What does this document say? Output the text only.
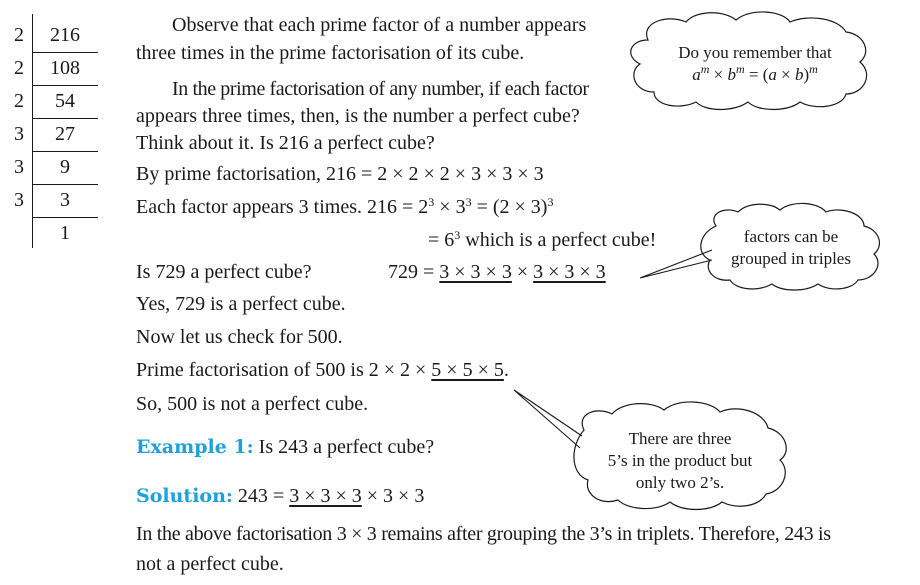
2
2
2
3
3
3
216
108
54
27
9
3
1
Observe that each prime factor of a number appears
three times in the prime factorisation of its cube.
In the prime factorisation of any number, if each factor
appears three times, then, is the number a perfect cube?
Think about it. Is 216 a perfect cube?
Do you remember that
$a^m \times b^m = (a \times b)^m$
By prime factorisation, 216 = 2 × 2 × 2 × 3 × 3 × 3
Each factor appears 3 times. $216 = 2^3 \times 3^3 = (2 \times 3)^3$
= $6^3$ which is a perfect cube!	factors can be
grouped in triples
Is 729 a perfect cube?	729 = 3 × 3 × 3 × 3 × 3 × 3
Yes, 729 is a perfect cube.
Now let us check for 500.
Prime factorisation of 500 is 2 × 2 × 5 × 5 × 5.
So, 500 is not a perfect cube.
There are three
5’s in the product but
only two 2’s.
Example 1: Is 243 a perfect cube?
Solution: 243 = 3 × 3 × 3 × 3 × 3
In the above factorisation 3 × 3 remains after grouping the 3’s in triplets. Therefore, 243 is
not a perfect cube.
